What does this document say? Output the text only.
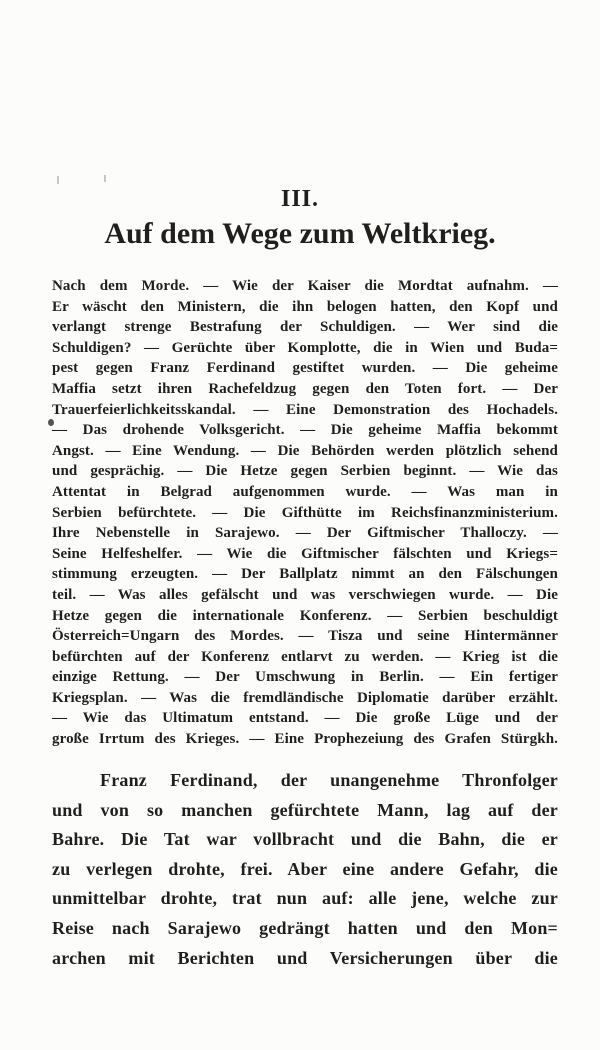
III.
Auf dem Wege zum Weltkrieg.
Nach dem Morde. — Wie der Kaiser die Mordtat aufnahm. —
Er wäscht den Ministern, die ihn belogen hatten, den Kopf und
verlangt strenge Bestrafung der Schuldigen. — Wer sind die
Schuldigen? — Gerüchte über Komplotte, die in Wien und Buda=
pest gegen Franz Ferdinand gestiftet wurden. — Die geheime
Maffia setzt ihren Rachefeldzug gegen den Toten fort. — Der
Trauerfeierlichkeitsskandal. — Eine Demonstration des Hochadels.
— Das drohende Volksgericht. — Die geheime Maffia bekommt
Angst. — Eine Wendung. — Die Behörden werden plötzlich sehend
und gesprächig. — Die Hetze gegen Serbien beginnt. — Wie das
Attentat in Belgrad aufgenommen wurde. — Was man in
Serbien befürchtete. — Die Gifthütte im Reichsfinanzministerium.
Ihre Nebenstelle in Sarajewo. — Der Giftmischer Thalloczy. —
Seine Helfeshelfer. — Wie die Giftmischer fälschten und Kriegs=
stimmung erzeugten. — Der Ballplatz nimmt an den Fälschungen
teil. — Was alles gefälscht und was verschwiegen wurde. — Die
Hetze gegen die internationale Konferenz. — Serbien beschuldigt
Österreich=Ungarn des Mordes. — Tisza und seine Hintermänner
befürchten auf der Konferenz entlarvt zu werden. — Krieg ist die
einzige Rettung. — Der Umschwung in Berlin. — Ein fertiger
Kriegsplan. — Was die fremdländische Diplomatie darüber erzählt.
— Wie das Ultimatum entstand. — Die große Lüge und der
große Irrtum des Krieges. — Eine Prophezeiung des Grafen Stürgkh.
Franz Ferdinand, der unangenehme Thronfolger
und von so manchen gefürchtete Mann, lag auf der
Bahre. Die Tat war vollbracht und die Bahn, die er
zu verlegen drohte, frei. Aber eine andere Gefahr, die
unmittelbar drohte, trat nun auf: alle jene, welche zur
Reise nach Sarajewo gedrängt hatten und den Mon=
archen mit Berichten und Versicherungen über die
